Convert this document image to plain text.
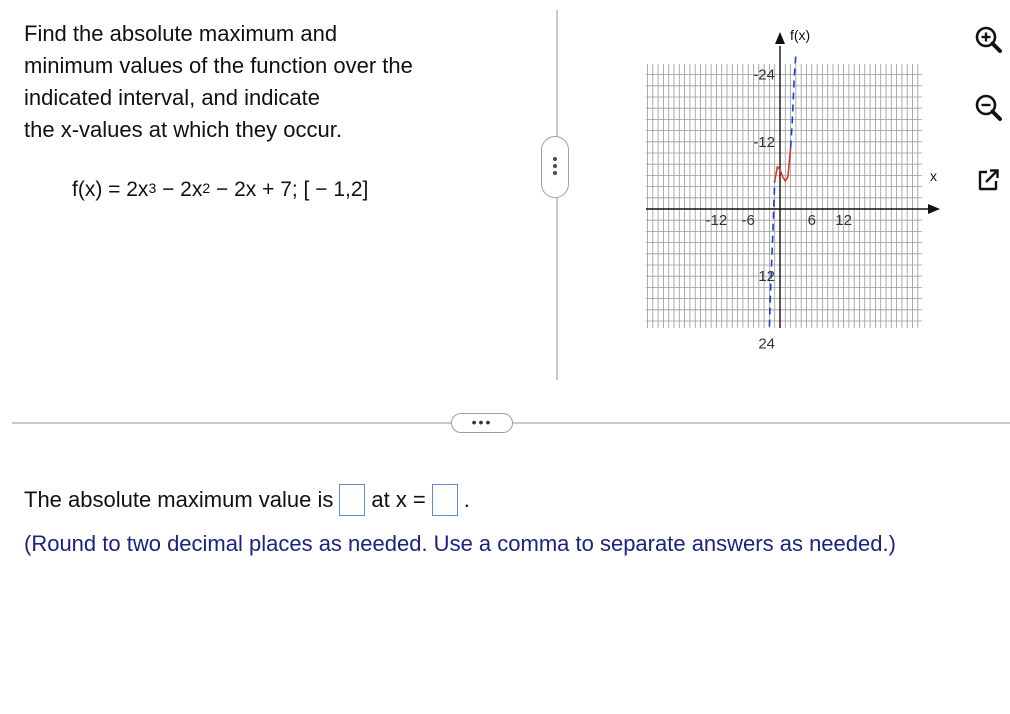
Find the absolute maximum and
minimum values of the function over the
indicated interval, and indicate
the x-values at which they occur.
$f(x) = 2x^3 - 2x^2 - 2x + 7$; [ − 1,2]
-12 -6	6 12
24
12
-12
-24
f(x)
x
•••
The absolute maximum value is at x = .
(Round to two decimal places as needed. Use a comma to separate answers as needed.)
